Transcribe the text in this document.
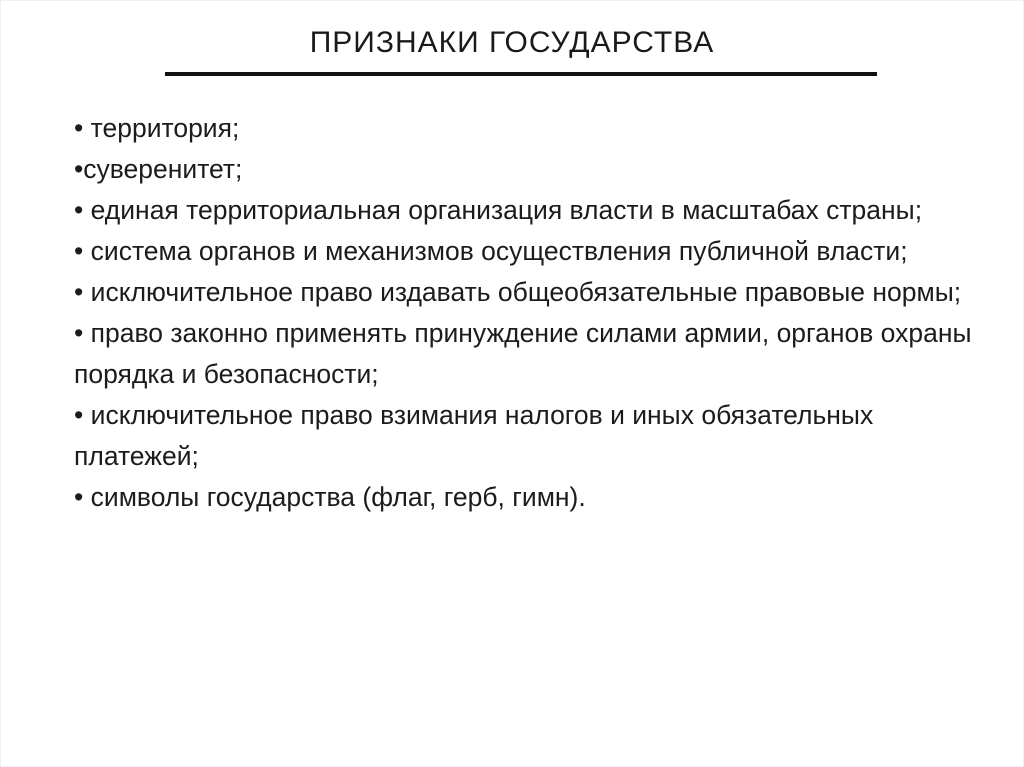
ПРИЗНАКИ ГОСУДАРСТВА
• территория;
•суверенитет;
• единая территориальная организация власти в масштабах страны;
• система органов и механизмов осуществления публичной власти;
• исключительное право издавать общеобязательные правовые нормы;
• право законно применять принуждение силами армии, органов охраны порядка и безопасности;
• исключительное право взимания налогов и иных обязательных платежей;
• символы государства (флаг, герб, гимн).
